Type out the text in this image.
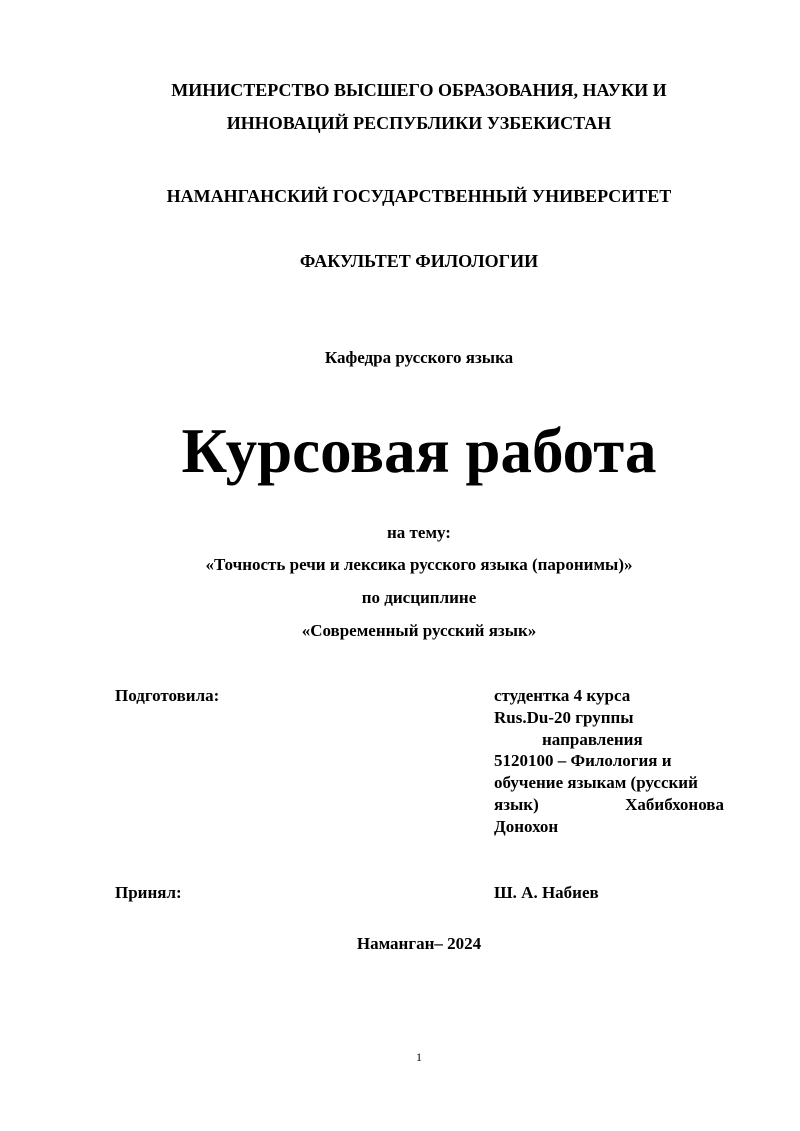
МИНИСТЕРСТВО ВЫСШЕГО ОБРАЗОВАНИЯ, НАУКИ И
ИННОВАЦИЙ РЕСПУБЛИКИ УЗБЕКИСТАН
НАМАНГАНСКИЙ ГОСУДАРСТВЕННЫЙ УНИВЕРСИТЕТ
ФАКУЛЬТЕТ ФИЛОЛОГИИ
Кафедра русского языка
Курсовая работа
на тему:
«Точность речи и лексика русского языка (паронимы)»
по дисциплине
«Современный русский язык»
Подготовила:	студентка 4 курса
Rus.Du-20 группы
направления
5120100 – Филология и
обучение языкам (русский
язык)	Хабибхонова
Донохон
Принял:	Ш. А. Набиев
Наманган– 2024
1
